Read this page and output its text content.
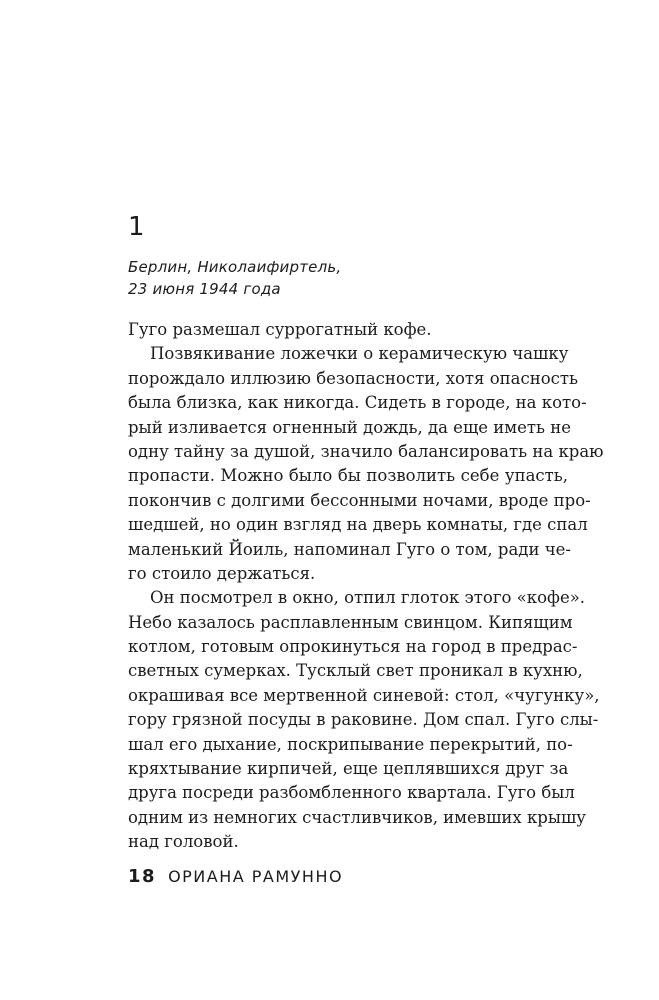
1
Берлин, Николаифиртель,
23 июня 1944 года
Гуго размешал суррогатный кофе.
Позвякивание ложечки о керамическую чашку
порождало иллюзию безопасности, хотя опасность
была близка, как никогда. Сидеть в городе, на кото-
рый изливается огненный дождь, да еще иметь не
одну тайну за душой, значило балансировать на краю
пропасти. Можно было бы позволить себе упасть,
покончив с долгими бессонными ночами, вроде про-
шедшей, но один взгляд на дверь комнаты, где спал
маленький Йоиль, напоминал Гуго о том, ради че-
го стоило держаться.
Он посмотрел в окно, отпил глоток этого «кофе».
Небо казалось расплавленным свинцом. Кипящим
котлом, готовым опрокинуться на город в предрас-
светных сумерках. Тусклый свет проникал в кухню,
окрашивая все мертвенной синевой: стол, «чугунку»,
гору грязной посуды в раковине. Дом спал. Гуго слы-
шал его дыхание, поскрипывание перекрытий, по-
кряхтывание кирпичей, еще цеплявшихся друг за
друга посреди разбомбленного квартала. Гуго был
одним из немногих счастливчиков, имевших крышу
над головой.
18 ОРИАНА РАМУННО
